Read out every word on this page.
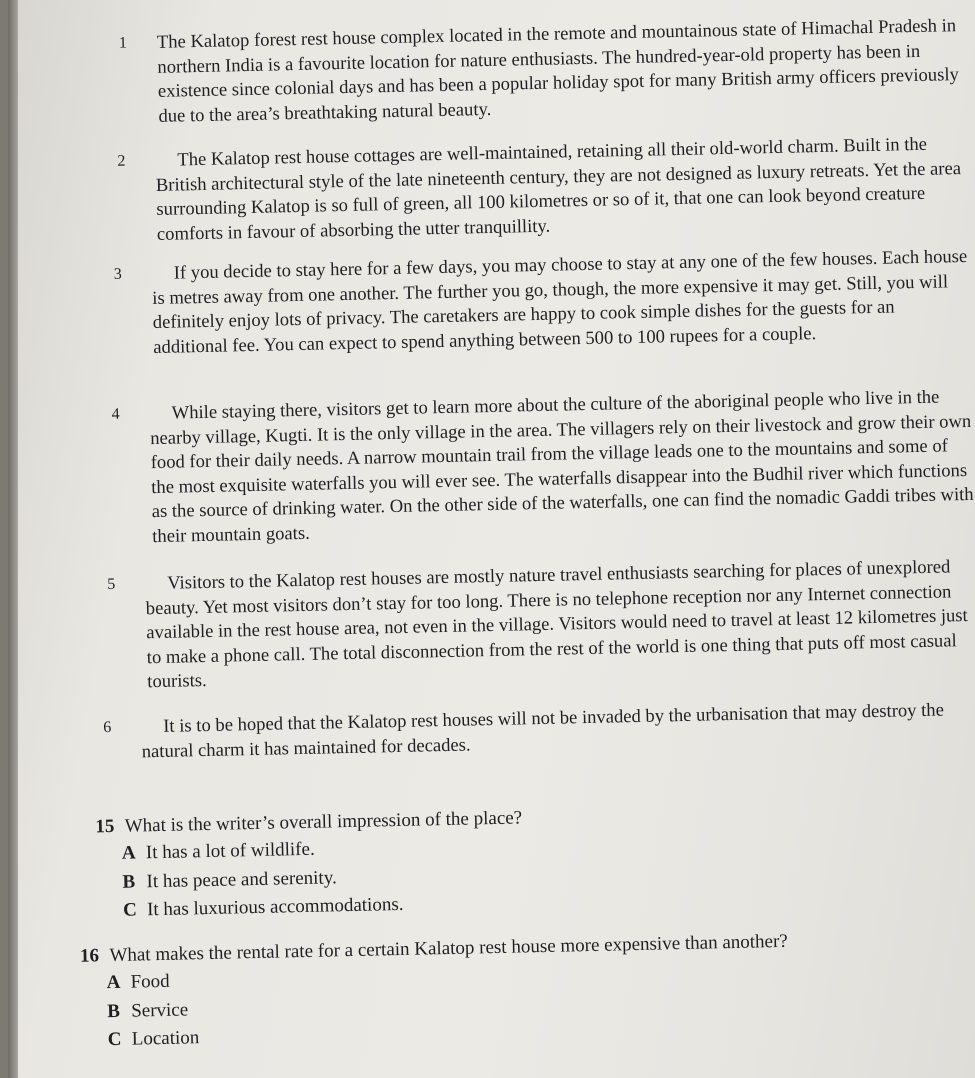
1 The Kalatop forest rest house complex located in the remote and mountainous state of Himachal Pradesh in northern India is a favourite location for nature enthusiasts. The hundred-year-old property has been in existence since colonial days and has been a popular holiday spot for many British army officers previously due to the area’s breathtaking natural beauty.
2	The Kalatop rest house cottages are well-maintained, retaining all their old-world charm. Built in the British architectural style of the late nineteenth century, they are not designed as luxury retreats. Yet the area surrounding Kalatop is so full of green, all 100 kilometres or so of it, that one can look beyond creature comforts in favour of absorbing the utter tranquillity.
3	If you decide to stay here for a few days, you may choose to stay at any one of the few houses. Each house is metres away from one another. The further you go, though, the more expensive it may get. Still, you will definitely enjoy lots of privacy. The caretakers are happy to cook simple dishes for the guests for an additional fee. You can expect to spend anything between 500 to 100 rupees for a couple.
4	While staying there, visitors get to learn more about the culture of the aboriginal people who live in the nearby village, Kugti. It is the only village in the area. The villagers rely on their livestock and grow their own food for their daily needs. A narrow mountain trail from the village leads one to the mountains and some of the most exquisite waterfalls you will ever see. The waterfalls disappear into the Budhil river which functions as the source of drinking water. On the other side of the waterfalls, one can find the nomadic Gaddi tribes with their mountain goats.
5	Visitors to the Kalatop rest houses are mostly nature travel enthusiasts searching for places of unexplored beauty. Yet most visitors don’t stay for too long. There is no telephone reception nor any Internet connection available in the rest house area, not even in the village. Visitors would need to travel at least 12 kilometres just to make a phone call. The total disconnection from the rest of the world is one thing that puts off most casual tourists.
6	It is to be hoped that the Kalatop rest houses will not be invaded by the urbanisation that may destroy the natural charm it has maintained for decades.
15 What is the writer’s overall impression of the place?
A It has a lot of wildlife.
B It has peace and serenity.
C It has luxurious accommodations.
16 What makes the rental rate for a certain Kalatop rest house more expensive than another?
A Food
B Service
C Location
